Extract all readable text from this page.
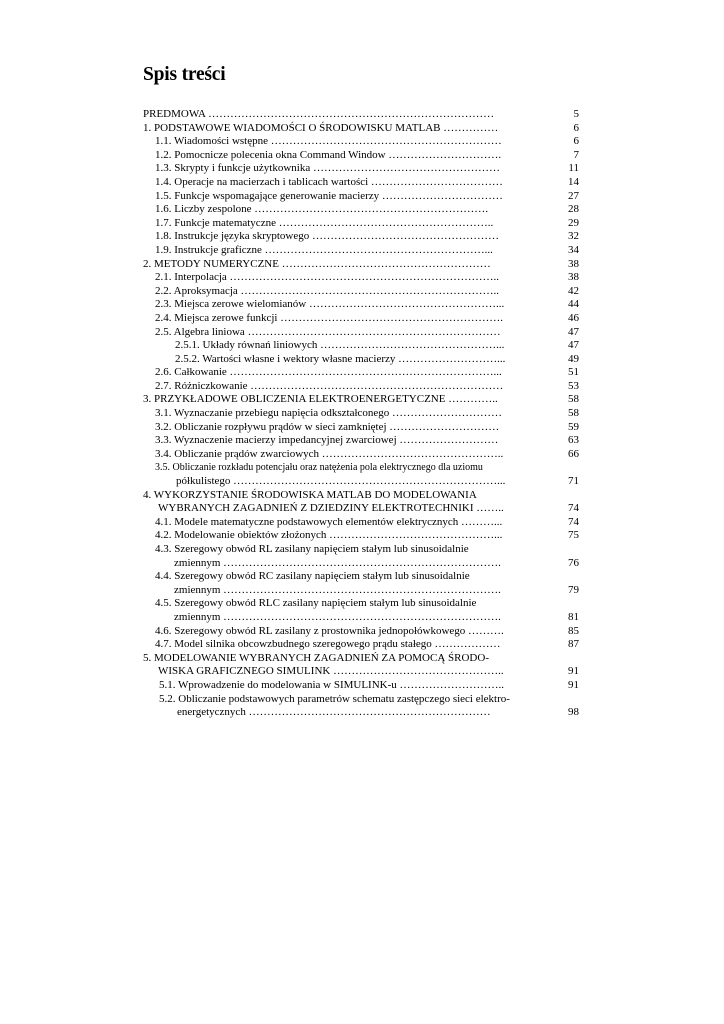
Spis treści
PREDMOWA ……………………………………………………………………	5
1. PODSTAWOWE WIADOMOŚCI O ŚRODOWISKU MATLAB ……………	6
1.1. Wiadomości wstępne ………………………………………………………	6
1.2. Pomocnicze polecenia okna Command Window ………………………….	7
1.3. Skrypty i funkcje użytkownika ……………………………………………	11
1.4. Operacje na macierzach i tablicach wartości ………………………………	14
1.5. Funkcje wspomagające generowanie macierzy ……………………………	27
1.6. Liczby zespolone ……………………………………………………….	28
1.7. Funkcje matematyczne …………………………………………………..	29
1.8. Instrukcje języka skryptowego ……………………………………………	32
1.9. Instrukcje graficzne ……………………………………………………...	34
2. METODY NUMERYCZNE …………………………………………………	38
2.1. Interpolacja ………………………………………………………………..	38
2.2. Aproksymacja ……………………………………………………………..	42
2.3. Miejsca zerowe wielomianów ……………………………………………...	44
2.4. Miejsca zerowe funkcji …………………………………………………….	46
2.5. Algebra liniowa ……………………………………………………………	47
2.5.1. Układy równań liniowych …………………………………………...	47
2.5.2. Wartości własne i wektory własne macierzy ………………………...	49
2.6. Całkowanie ………………………………………………………………...	51
2.7. Różniczkowanie ……………………………………………………………	53
3. PRZYKŁADOWE OBLICZENIA ELEKTROENERGETYCZNE …………..	58
3.1. Wyznaczanie przebiegu napięcia odkształconego …………………………	58
3.2. Obliczanie rozpływu prądów w sieci zamkniętej …………………………	59
3.3. Wyznaczenie macierzy impedancyjnej zwarciowej ………………………	63
3.4. Obliczanie prądów zwarciowych …………………………………………..	66
3.5. Obliczanie rozkładu potencjału oraz natężenia pola elektrycznego dla uziomu
półkulistego ………………………………………………………………...	71
4. WYKORZYSTANIE ŚRODOWISKA MATLAB DO MODELOWANIA
WYBRANYCH ZAGADNIEŃ Z DZIEDZINY ELEKTROTECHNIKI ……..	74
4.1. Modele matematyczne podstawowych elementów elektrycznych ………...	74
4.2. Modelowanie obiektów złożonych ………………………………………...	75
4.3. Szeregowy obwód RL zasilany napięciem stałym lub sinusoidalnie
zmiennym ………………………………………………………………….	76
4.4. Szeregowy obwód RC zasilany napięciem stałym lub sinusoidalnie
zmiennym ………………………………………………………………….	79
4.5. Szeregowy obwód RLC zasilany napięciem stałym lub sinusoidalnie
zmiennym ………………………………………………………………….	81
4.6. Szeregowy obwód RL zasilany z prostownika jednopołówkowego ……….	85
4.7. Model silnika obcowzbudnego szeregowego prądu stałego ………………	87
5. MODELOWANIE WYBRANYCH ZAGADNIEŃ ZA POMOCĄ ŚRODO-
WISKA GRAFICZNEGO SIMULINK ………………………………………..	91
5.1. Wprowadzenie do modelowania w SIMULINK-u ………………………..	91
5.2. Obliczanie podstawowych parametrów schematu zastępczego sieci elektro-
energetycznych …………………………………………………………	98
